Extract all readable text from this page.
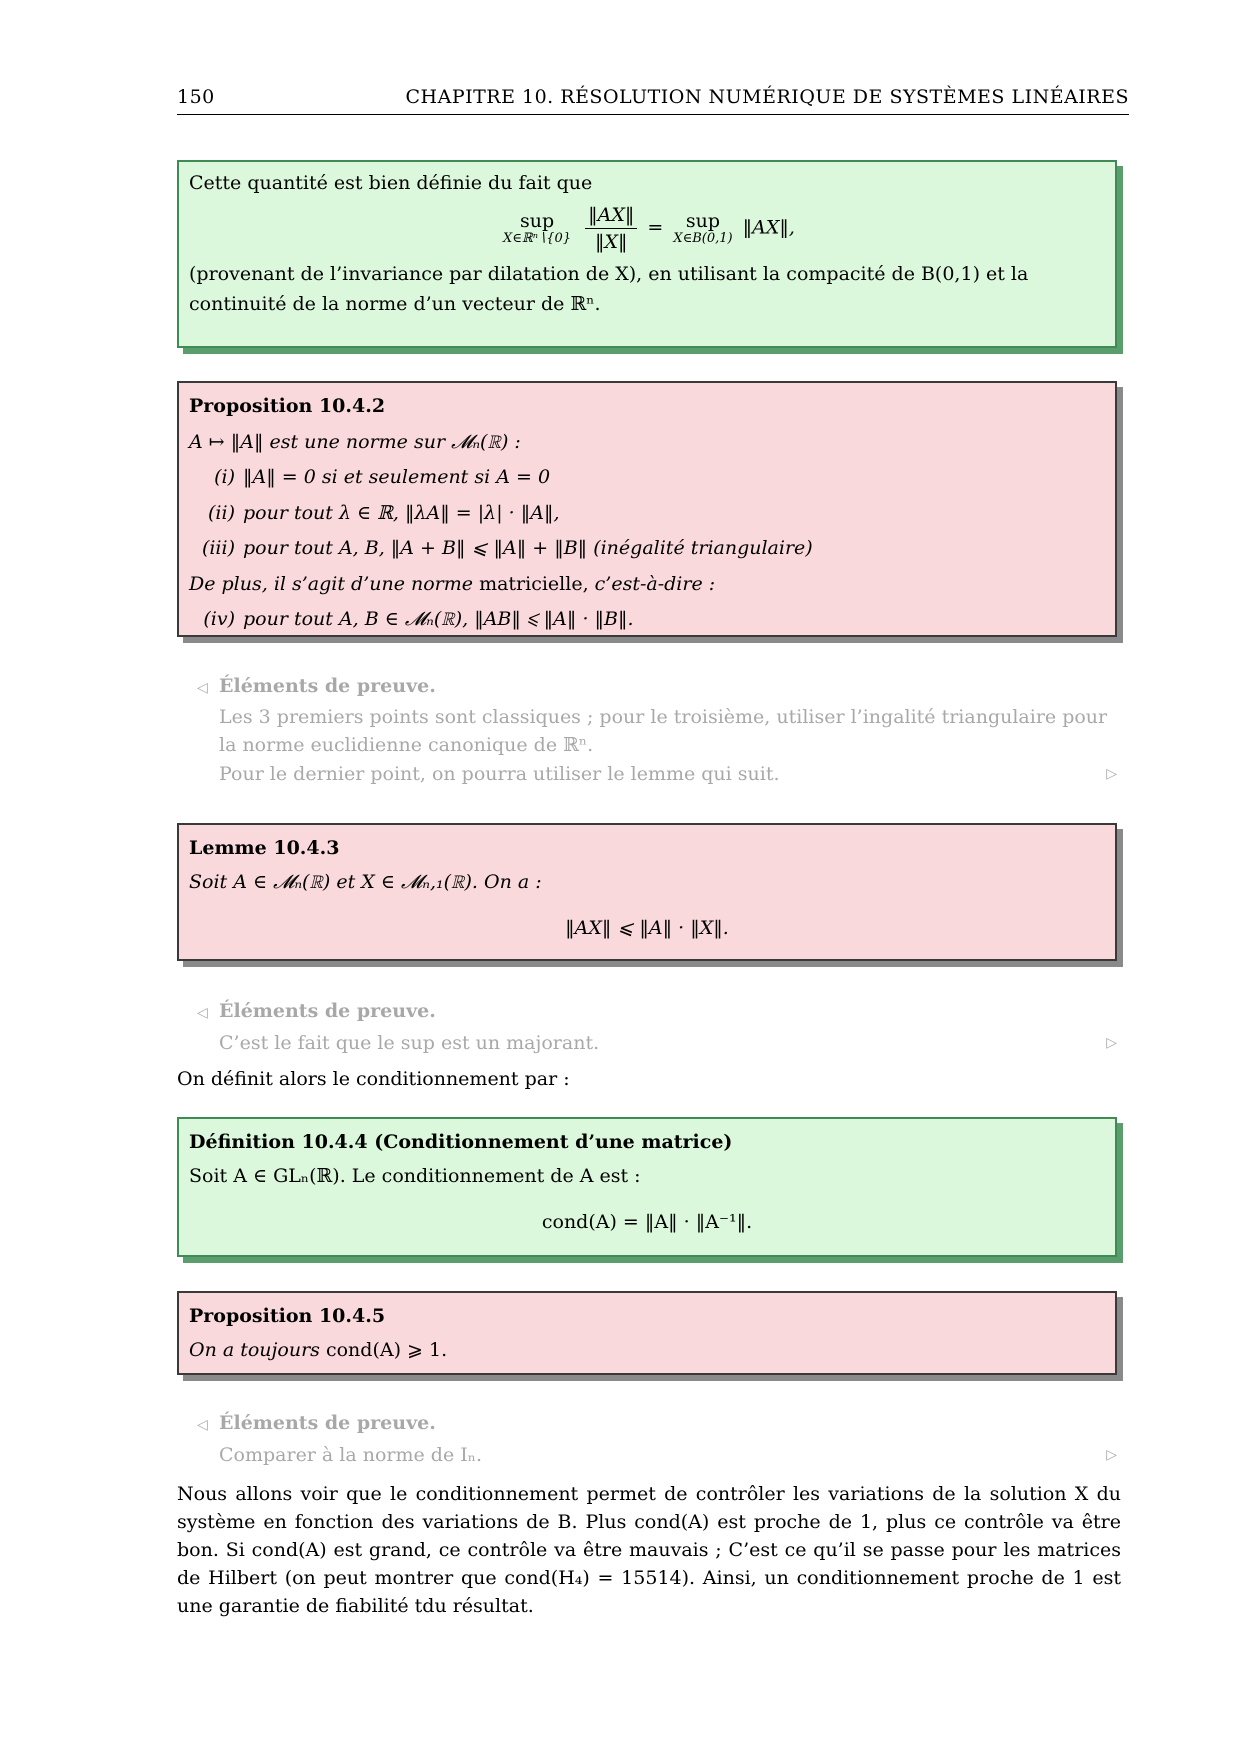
150	CHAPITRE 10. RÉSOLUTION NUMÉRIQUE DE SYSTÈMES LINÉAIRES
Cette quantité est bien définie du fait que
sup
X∈ℝⁿ∖{0}
$\frac{‖AX‖}{‖X‖}$ =	sup
X∈B(0,1) ‖AX‖,
(provenant de l’invariance par dilatation de X), en utilisant la compacité de B(0,1) et la continuité de la norme d’un vecteur de ℝⁿ.
Proposition 10.4.2
A ↦ ‖A‖ est une norme sur 𝓜ₙ(ℝ) :
(i) ‖A‖ = 0 si et seulement si A = 0
(ii) pour tout λ ∈ ℝ, ‖λA‖ = |λ| · ‖A‖,
(iii) pour tout A, B, ‖A + B‖ ⩽ ‖A‖ + ‖B‖ (inégalité triangulaire)
De plus, il s’agit d’une norme matricielle, c’est-à-dire :
(iv) pour tout A, B ∈ 𝓜ₙ(ℝ), ‖AB‖ ⩽ ‖A‖ · ‖B‖.
◁ Éléments de preuve.
Les 3 premiers points sont classiques ; pour le troisième, utiliser l’ingalité triangulaire pour la norme euclidienne canonique de ℝⁿ.
Pour le dernier point, on pourra utiliser le lemme qui suit.	▷
Lemme 10.4.3
Soit A ∈ 𝓜ₙ(ℝ) et X ∈ 𝓜ₙ,₁(ℝ). On a :
‖AX‖ ⩽ ‖A‖ · ‖X‖.
◁ Éléments de preuve.
C’est le fait que le sup est un majorant.	▷
On définit alors le conditionnement par :
Définition 10.4.4 (Conditionnement d’une matrice)
Soit A ∈ GLₙ(ℝ). Le conditionnement de A est :
cond(A) = ‖A‖ · ‖A⁻¹‖.
Proposition 10.4.5
On a toujours cond(A) ⩾ 1.
◁ Éléments de preuve.
Comparer à la norme de Iₙ.	▷
Nous allons voir que le conditionnement permet de contrôler les variations de la solution X du système en fonction des variations de B. Plus cond(A) est proche de 1, plus ce contrôle va être bon. Si cond(A) est grand, ce contrôle va être mauvais ; C’est ce qu’il se passe pour les matrices de Hilbert (on peut montrer que cond(H₄) = 15514). Ainsi, un conditionnement proche de 1 est une garantie de fiabilité tdu résultat.
